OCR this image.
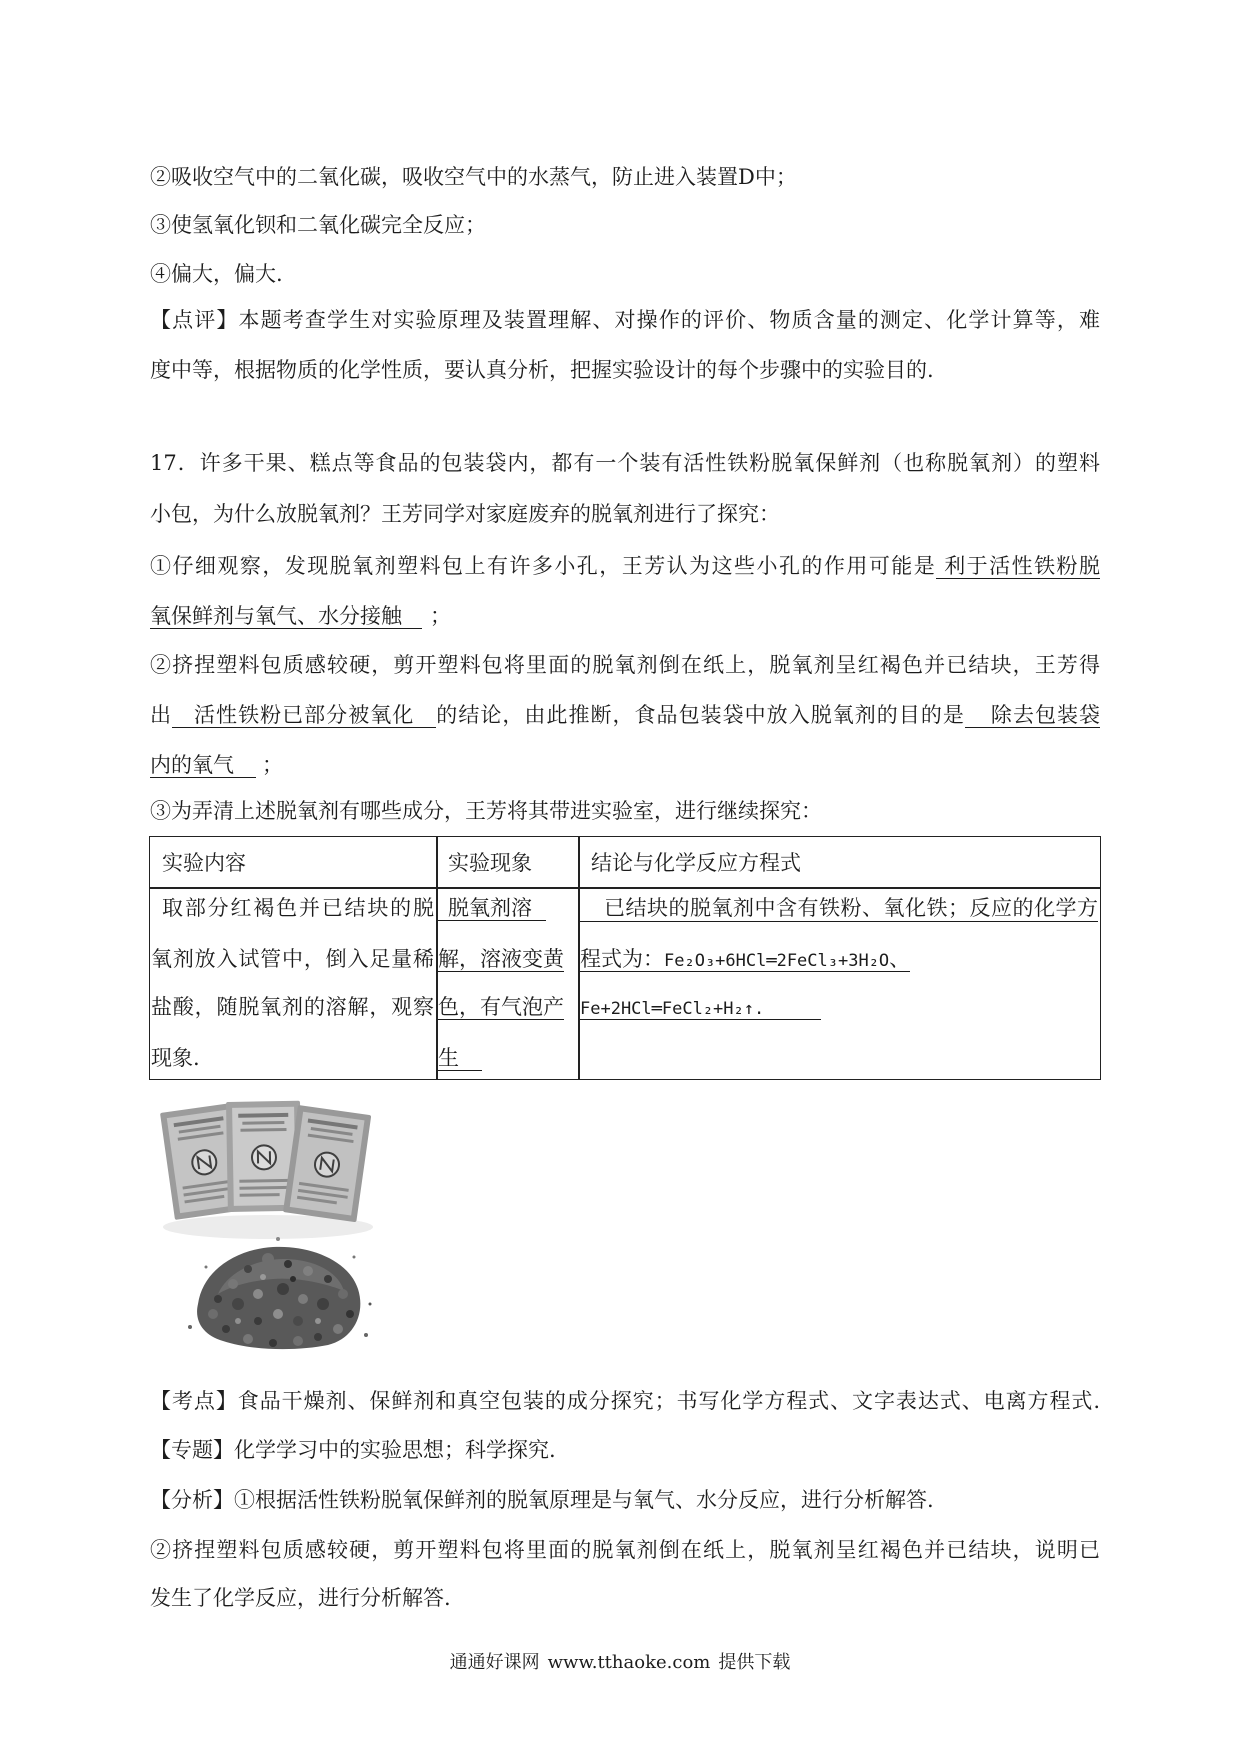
②吸收空气中的二氧化碳，吸收空气中的水蒸气，防止进入装置D中；
③使氢氧化钡和二氧化碳完全反应；
④偏大，偏大.
【点评】本题考查学生对实验原理及装置理解、对操作的评价、物质含量的测定、化学计算等，难
度中等，根据物质的化学性质，要认真分析，把握实验设计的每个步骤中的实验目的.
17．许多干果、糕点等食品的包装袋内，都有一个装有活性铁粉脱氧保鲜剂（也称脱氧剂）的塑料
小包，为什么放脱氧剂？王芳同学对家庭废弃的脱氧剂进行了探究：
①仔细观察，发现脱氧剂塑料包上有许多小孔，王芳认为这些小孔的作用可能是 利于活性铁粉脱
氧保鲜剂与氧气、水分接触 ；
②挤捏塑料包质感较硬，剪开塑料包将里面的脱氧剂倒在纸上，脱氧剂呈红褐色并已结块，王芳得
出 活性铁粉已部分被氧化 的结论，由此推断，食品包装袋中放入脱氧剂的目的是 除去包装袋
内的氧气 ；
③为弄清上述脱氧剂有哪些成分，王芳将其带进实验室，进行继续探究：
实验内容	实验现象	结论与化学反应方程式
取部分红褐色并已结块的脱
氧剂放入试管中，倒入足量稀
盐酸，随脱氧剂的溶解，观察
现象.
脱氧剂溶
解，溶液变黄
色，有气泡产
生
已结块的脱氧剂中含有铁粉、氧化铁；反应的化学方
程式为：Fe₂O₃+6HCl═2FeCl₃+3H₂O、
Fe+2HCl═FeCl₂+H₂↑.
【考点】食品干燥剂、保鲜剂和真空包装的成分探究；书写化学方程式、文字表达式、电离方程式.
【专题】化学学习中的实验思想；科学探究.
【分析】①根据活性铁粉脱氧保鲜剂的脱氧原理是与氧气、水分反应，进行分析解答.
②挤捏塑料包质感较硬，剪开塑料包将里面的脱氧剂倒在纸上，脱氧剂呈红褐色并已结块，说明已
发生了化学反应，进行分析解答.
通通好课网 www.tthaoke.com 提供下载
